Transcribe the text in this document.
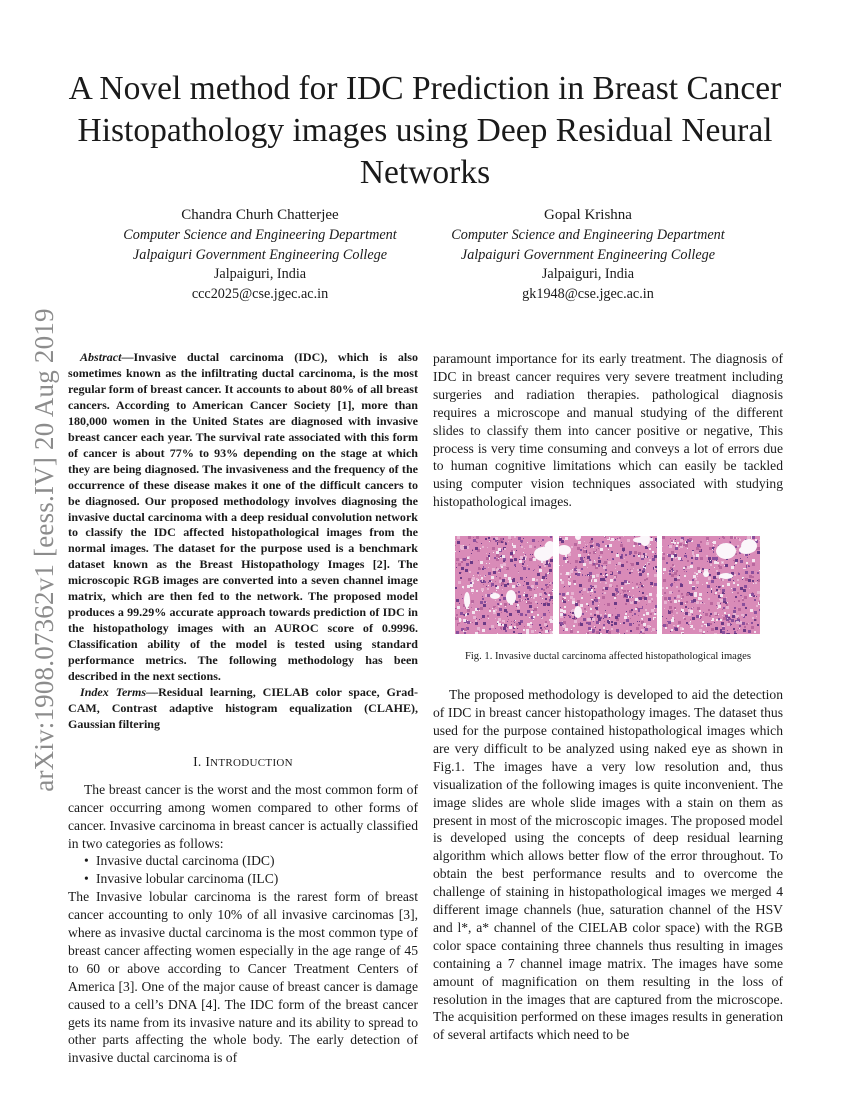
arXiv:1908.07362v1 [eess.IV] 20 Aug 2019
A Novel method for IDC Prediction in Breast Cancer Histopathology images using Deep Residual Neural Networks
Chandra Churh Chatterjee
Computer Science and Engineering Department
Jalpaiguri Government Engineering College
Jalpaiguri, India
ccc2025@cse.jgec.ac.in
Gopal Krishna
Computer Science and Engineering Department
Jalpaiguri Government Engineering College
Jalpaiguri, India
gk1948@cse.jgec.ac.in

Abstract—Invasive ductal carcinoma (IDC), which is also sometimes known as the infiltrating ductal carcinoma, is the most regular form of breast cancer. It accounts to about 80% of all breast cancers. According to American Cancer Society [1], more than 180,000 women in the United States are diagnosed with invasive breast cancer each year. The survival rate associated with this form of cancer is about 77% to 93% depending on the stage at which they are being diagnosed. The invasiveness and the frequency of the occurrence of these disease makes it one of the difficult cancers to be diagnosed. Our proposed methodology involves diagnosing the invasive ductal carcinoma with a deep residual convolution network to classify the IDC affected histopathological images from the normal images. The dataset for the purpose used is a benchmark dataset known as the Breast Histopathology Images [2]. The microscopic RGB images are converted into a seven channel image matrix, which are then fed to the network. The proposed model produces a 99.29% accurate approach towards prediction of IDC in the histopathology images with an AUROC score of 0.9996. Classification ability of the model is tested using standard performance metrics. The following methodology has been described in the next sections.

Index Terms—Residual learning, CIELAB color space, Grad-CAM, Contrast adaptive histogram equalization (CLAHE), Gaussian filtering

I. INTRODUCTION

The breast cancer is the worst and the most common form of cancer occurring among women compared to other forms of cancer. Invasive carcinoma in breast cancer is actually classified in two categories as follows:

• Invasive ductal carcinoma (IDC)
• Invasive lobular carcinoma (ILC)

The Invasive lobular carcinoma is the rarest form of breast cancer accounting to only 10% of all invasive carcinomas [3], where as invasive ductal carcinoma is the most common type of breast cancer affecting women especially in the age range of 45 to 60 or above according to Cancer Treatment Centers of America [3]. One of the major cause of breast cancer is damage caused to a cell’s DNA [4]. The IDC form of the breast cancer gets its name from its invasive nature and its ability to spread to other parts affecting the whole body. The early detection of invasive ductal carcinoma is of

paramount importance for its early treatment. The diagnosis of IDC in breast cancer requires very severe treatment including surgeries and radiation therapies. pathological diagnosis requires a microscope and manual studying of the different slides to classify them into cancer positive or negative, This process is very time consuming and conveys a lot of errors due to human cognitive limitations which can easily be tackled using computer vision techniques associated with studying histopathological images.

Fig. 1. Invasive ductal carcinoma affected histopathological images

The proposed methodology is developed to aid the detection of IDC in breast cancer histopathology images. The dataset thus used for the purpose contained histopathological images which are very difficult to be analyzed using naked eye as shown in Fig.1. The images have a very low resolution and, thus visualization of the following images is quite inconvenient. The image slides are whole slide images with a stain on them as present in most of the microscopic images. The proposed model is developed using the concepts of deep residual learning algorithm which allows better flow of the error throughout. To obtain the best performance results and to overcome the challenge of staining in histopathological images we merged 4 different image channels (hue, saturation channel of the HSV and l*, a* channel of the CIELAB color space) with the RGB color space containing three channels thus resulting in images containing a 7 channel image matrix. The images have some amount of magnification on them resulting in the loss of resolution in the images that are captured from the microscope. The acquisition performed on these images results in generation of several artifacts which need to be
